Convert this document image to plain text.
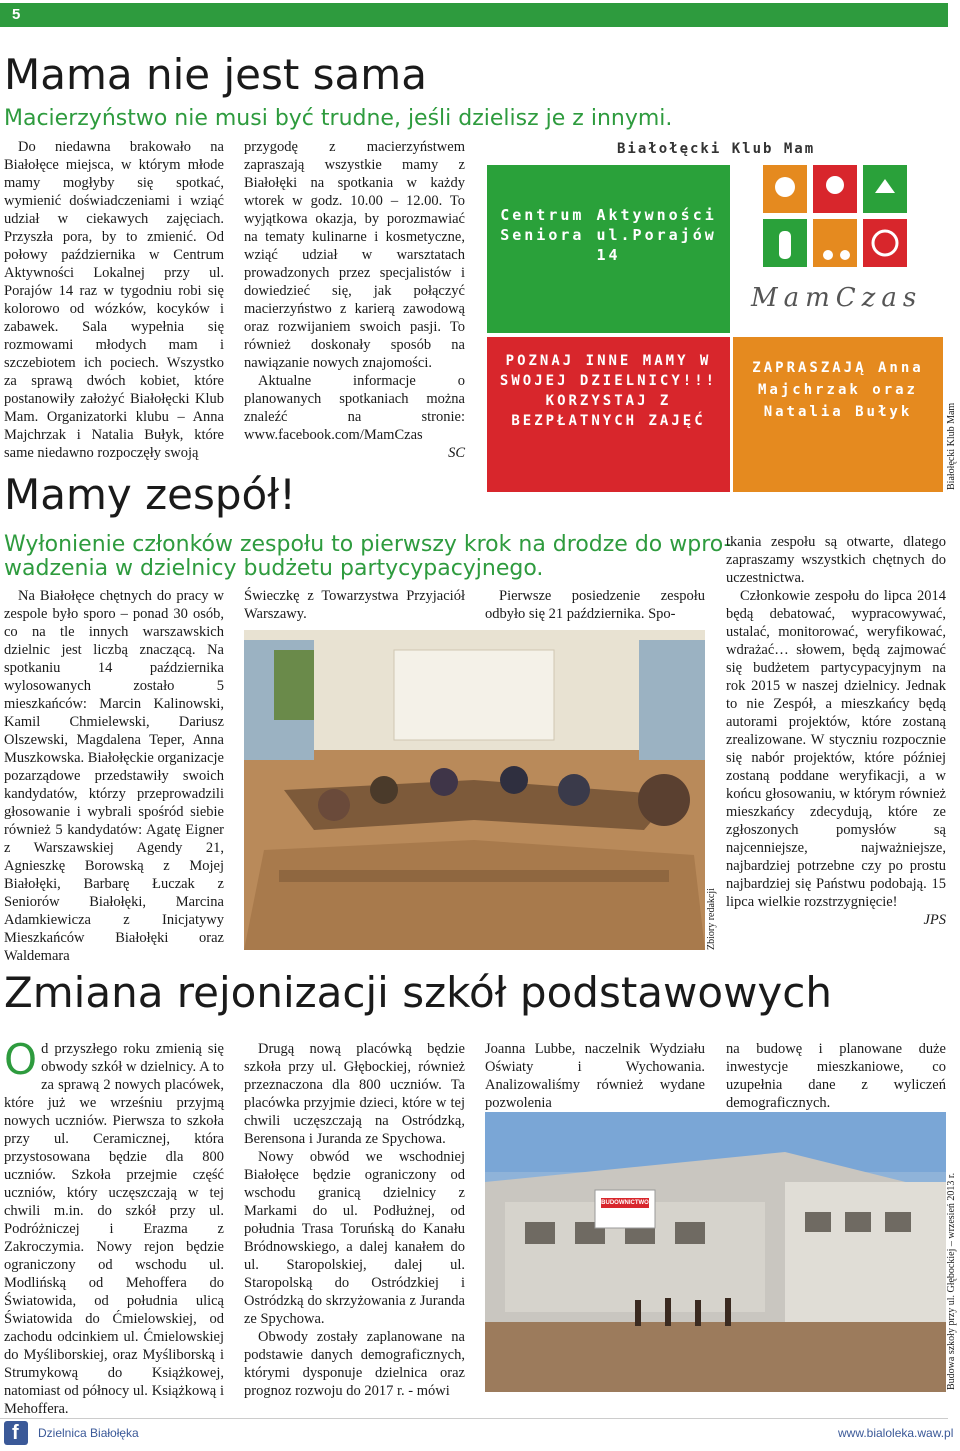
5
Mama nie jest sama
Macierzyństwo nie musi być trudne, jeśli dzielisz je z innymi.

Do niedawna brakowało na Białołęce miejsca, w którym młode mamy mogłyby się spotkać, wymienić doświadczeniami i wziąć udział w ciekawych zajęciach. Przyszła pora, by to zmienić. Od połowy października w Centrum Aktywności Lokalnej przy ul. Porajów 14 raz w tygodniu robi się kolorowo od wózków, kocyków i zabawek. Sala wypełnia się rozmowami młodych mam i szczebiotem ich pociech. Wszystko za sprawą dwóch kobiet, które postanowiły założyć Białołęcki Klub Mam. Organizatorki klubu – Anna Majchrzak i Natalia Bułyk, które same niedawno rozpoczęły swoją

przygodę z macierzyństwem zapraszają wszystkie mamy z Białołęki na spotkania w każdy wtorek w godz. 10.00 – 12.00. To wyjątkowa okazja, by porozmawiać na tematy kulinarne i kosmetyczne, wziąć udział w warsztatach prowadzonych przez specjalistów i dowiedzieć się, jak połączyć macierzyństwo z karierą zawodową oraz rozwijaniem swoich pasji. To również doskonały sposób na nawiązanie nowych znajomości.

Aktualne informacje o planowanych spotkaniach można znaleźć na stronie: www.facebook.com/MamCzas

SC
Białołęcki Klub Mam
Centrum Aktywności Seniora ul.Porajów 14
MamCzas
POZNAJ INNE MAMY W SWOJEJ DZIELNICY!!! KORZYSTAJ Z BEZPŁATNYCH ZAJĘĆ
ZAPRASZAJĄ Anna Majchrzak oraz Natalia Bułyk	Białołęcki Klub Mam
Mamy zespół!
Wyłonienie członków zespołu to pierwszy krok na drodze do wpro-
wadzenia w dzielnicy budżetu partycypacyjnego.

Na Białołęce chętnych do pracy w zespole było sporo – ponad 30 osób, co na tle innych warszawskich dzielnic jest liczbą znaczącą. Na spotkaniu 14 października wylosowanych zostało 5 mieszkańców: Marcin Kalinowski, Kamil Chmielewski, Dariusz Olszewski, Magdalena Teper, Anna Muszkowska. Białołęckie organizacje pozarządowe przedstawiły swoich kandydatów, którzy przeprowadzili głosowanie i wybrali spośród siebie również 5 kandydatów: Agatę Eigner z Warszawskiej Agendy 21, Agnieszkę Borowską z Mojej Białołęki, Barbarę Łuczak z Seniorów Białołęki, Marcina Adamkiewicza z Inicjatywy Mieszkańców Białołęki oraz Waldemara

Świeczkę z Towarzystwa Przyjaciół Warszawy.

Pierwsze posiedzenie zespołu odbyło się 21 października. Spo-

Zbiory redakcji

tkania zespołu są otwarte, dlatego zapraszamy wszystkich chętnych do uczestnictwa.

Członkowie zespołu do lipca 2014 będą debatować, wypracowywać, ustalać, monitorować, weryfikować, wdrażać… słowem, będą zajmować się budżetem partycypacyjnym na rok 2015 w naszej dzielnicy. Jednak to nie Zespół, a mieszkańcy będą autorami projektów, które zostaną zrealizowane. W styczniu rozpocznie się nabór projektów, które później zostaną poddane weryfikacji, a w końcu głosowaniu, w którym również mieszkańcy zdecydują, które ze zgłoszonych pomysłów są najcenniejsze, najważniejsze, najbardziej potrzebne czy po prostu najbardziej się Państwu podobają. 15 lipca wielkie rozstrzygnięcie!

JPS
Zmiana rejonizacji szkół podstawowych
O d przyszłego roku zmienią się obwody szkół w dzielnicy. A to za sprawą 2 nowych placówek, które już we wrześniu przyjmą nowych uczniów. Pierwsza to szkoła przy ul. Ceramicznej, która przystosowana będzie dla 800 uczniów. Szkoła przejmie część uczniów, który uczęszczają w tej chwili m.in. do szkół przy ul. Podróżniczej i Erazma z Zakroczymia. Nowy rejon będzie ograniczony od wschodu ul. Modlińską od Mehoffera do Światowida, od południa ulicą Światowida do Ćmielowskiej, od zachodu odcinkiem ul. Ćmielowskiej do Myśliborskiej, oraz Myśliborską i Strumykową do Książkowej, natomiast od północy ul. Książkową i Mehoffera.

Drugą nową placówką będzie szkoła przy ul. Głębockiej, również przeznaczona dla 800 uczniów. Ta placówka przyjmie dzieci, które w tej chwili uczęszczają na Ostródzką, Berensona i Juranda ze Spychowa.

Nowy obwód we wschodniej Białołęce będzie ograniczony od wschodu granicą dzielnicy z Markami do ul. Podłużnej, od południa Trasa Toruńską do Kanału Bródnowskiego, a dalej kanałem do ul. Staropolskiej, dalej ul. Staropolską do Ostródzkiej i Ostródzką do skrzyżowania z Juranda ze Spychowa.

Obwody zostały zaplanowane na podstawie danych demograficznych, którymi dysponuje dzielnica oraz prognoz rozwoju do 2017 r. - mówi

Joanna Lubbe, naczelnik Wydziału Oświaty i Wychowania. Analizowaliśmy również wydane pozwolenia

na budowę i planowane duże inwestycje mieszkaniowe, co uzupełnia dane z wyliczeń demograficznych.

EIFFAGE POLSKA BUDOWNICTWO	Budowa szkoły przy ul. Głębockiej – wrzesień 2013 r.
f Dzielnica Białołęka	www.bialoleka.waw.pl
